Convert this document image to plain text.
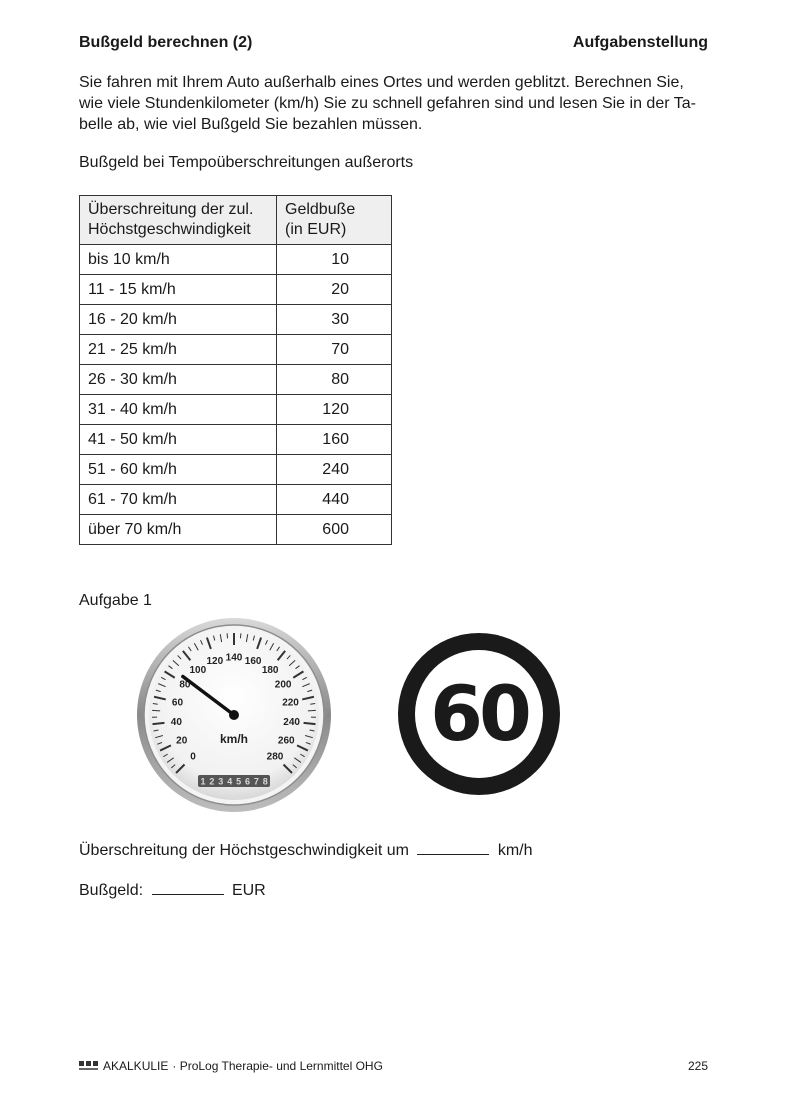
Bußgeld berechnen (2)	Aufgabenstellung
Sie fahren mit Ihrem Auto außerhalb eines Ortes und werden geblitzt. Berechnen Sie,
wie viele Stundenkilometer (km/h) Sie zu schnell gefahren sind und lesen Sie in der Ta-
belle ab, wie viel Bußgeld Sie bezahlen müssen.
Bußgeld bei Tempoüberschreitungen außerorts
Überschreitung der zul.
Höchstgeschwindigkeit	Geldbuße
(in EUR)
bis 10 km/h	10
11 - 15 km/h	20
16 - 20 km/h	30
21 - 25 km/h	70
26 - 30 km/h	80
31 - 40 km/h	120
41 - 50 km/h	160
51 - 60 km/h	240
61 - 70 km/h	440
über 70 km/h	600
Aufgabe 1
0
20
40
60
80
100
120 140 160
180
200
220
240
260
280
km/h
1 2 3 4 5 6 7 8
60
Überschreitung der Höchstgeschwindigkeit um	km/h
Bußgeld:	EUR
AKALKULIE · ProLog Therapie- und Lernmittel OHG	225
